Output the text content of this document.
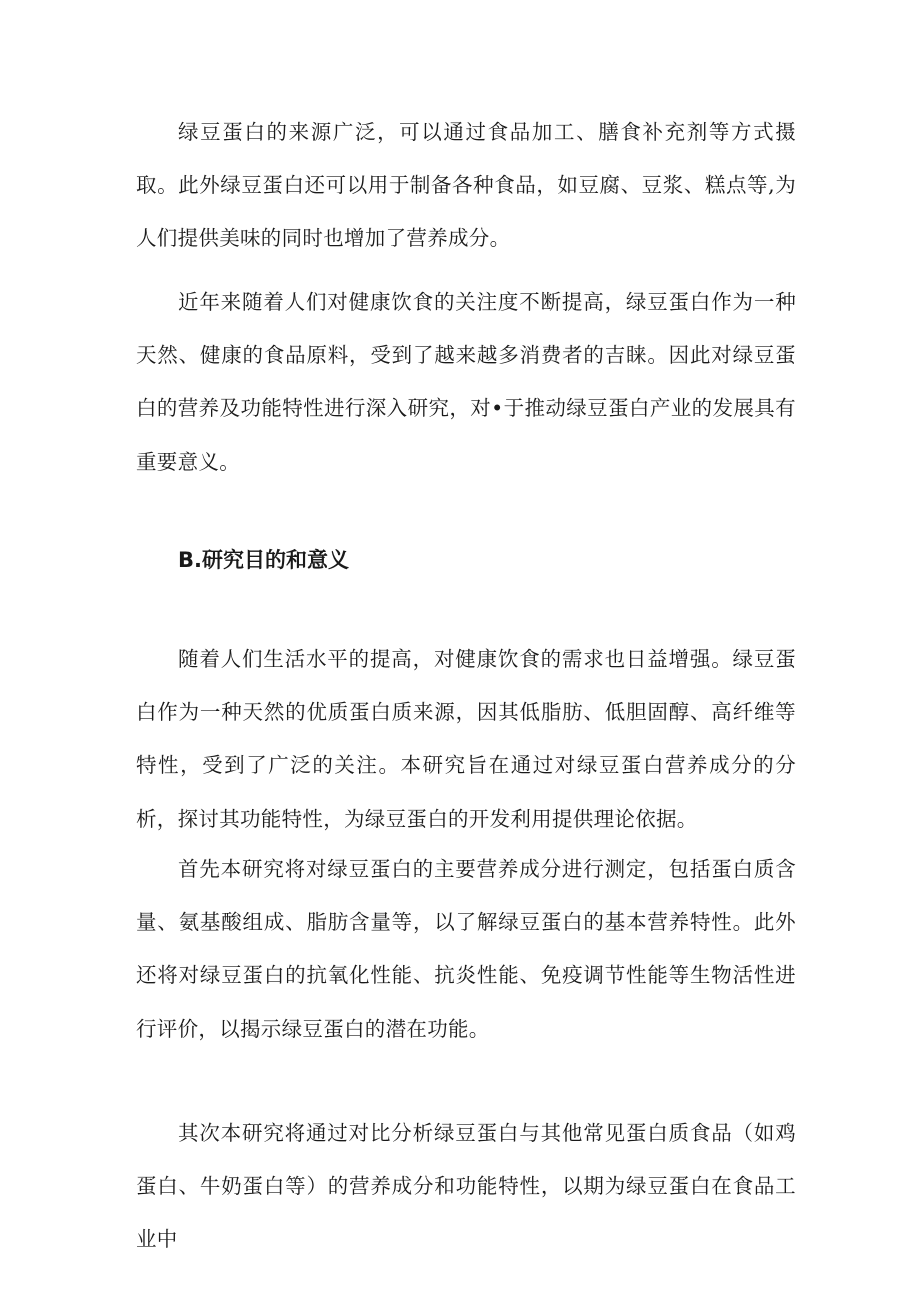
绿豆蛋白的来源广泛，可以通过食品加工、膳食补充剂等方式摄取。此外绿豆蛋白还可以用于制备各种食品，如豆腐、豆浆、糕点等,为人们提供美味的同时也增加了营养成分。

近年来随着人们对健康饮食的关注度不断提高，绿豆蛋白作为一种天然、健康的食品原料，受到了越来越多消费者的吉睐。因此对绿豆蛋白的营养及功能特性进行深入研究，对•于推动绿豆蛋白产业的发展具有重要意义。

B.研究目的和意义

随着人们生活水平的提高，对健康饮食的需求也日益增强。绿豆蛋白作为一种天然的优质蛋白质来源，因其低脂肪、低胆固醇、高纤维等特性，受到了广泛的关注。本研究旨在通过对绿豆蛋白营养成分的分析，探讨其功能特性，为绿豆蛋白的开发利用提供理论依据。

首先本研究将对绿豆蛋白的主要营养成分进行测定，包括蛋白质含量、氨基酸组成、脂肪含量等，以了解绿豆蛋白的基本营养特性。此外还将对绿豆蛋白的抗氧化性能、抗炎性能、免疫调节性能等生物活性进行评价，以揭示绿豆蛋白的潜在功能。

其次本研究将通过对比分析绿豆蛋白与其他常见蛋白质食品（如鸡蛋白、牛奶蛋白等）的营养成分和功能特性，以期为绿豆蛋白在食品工业中
